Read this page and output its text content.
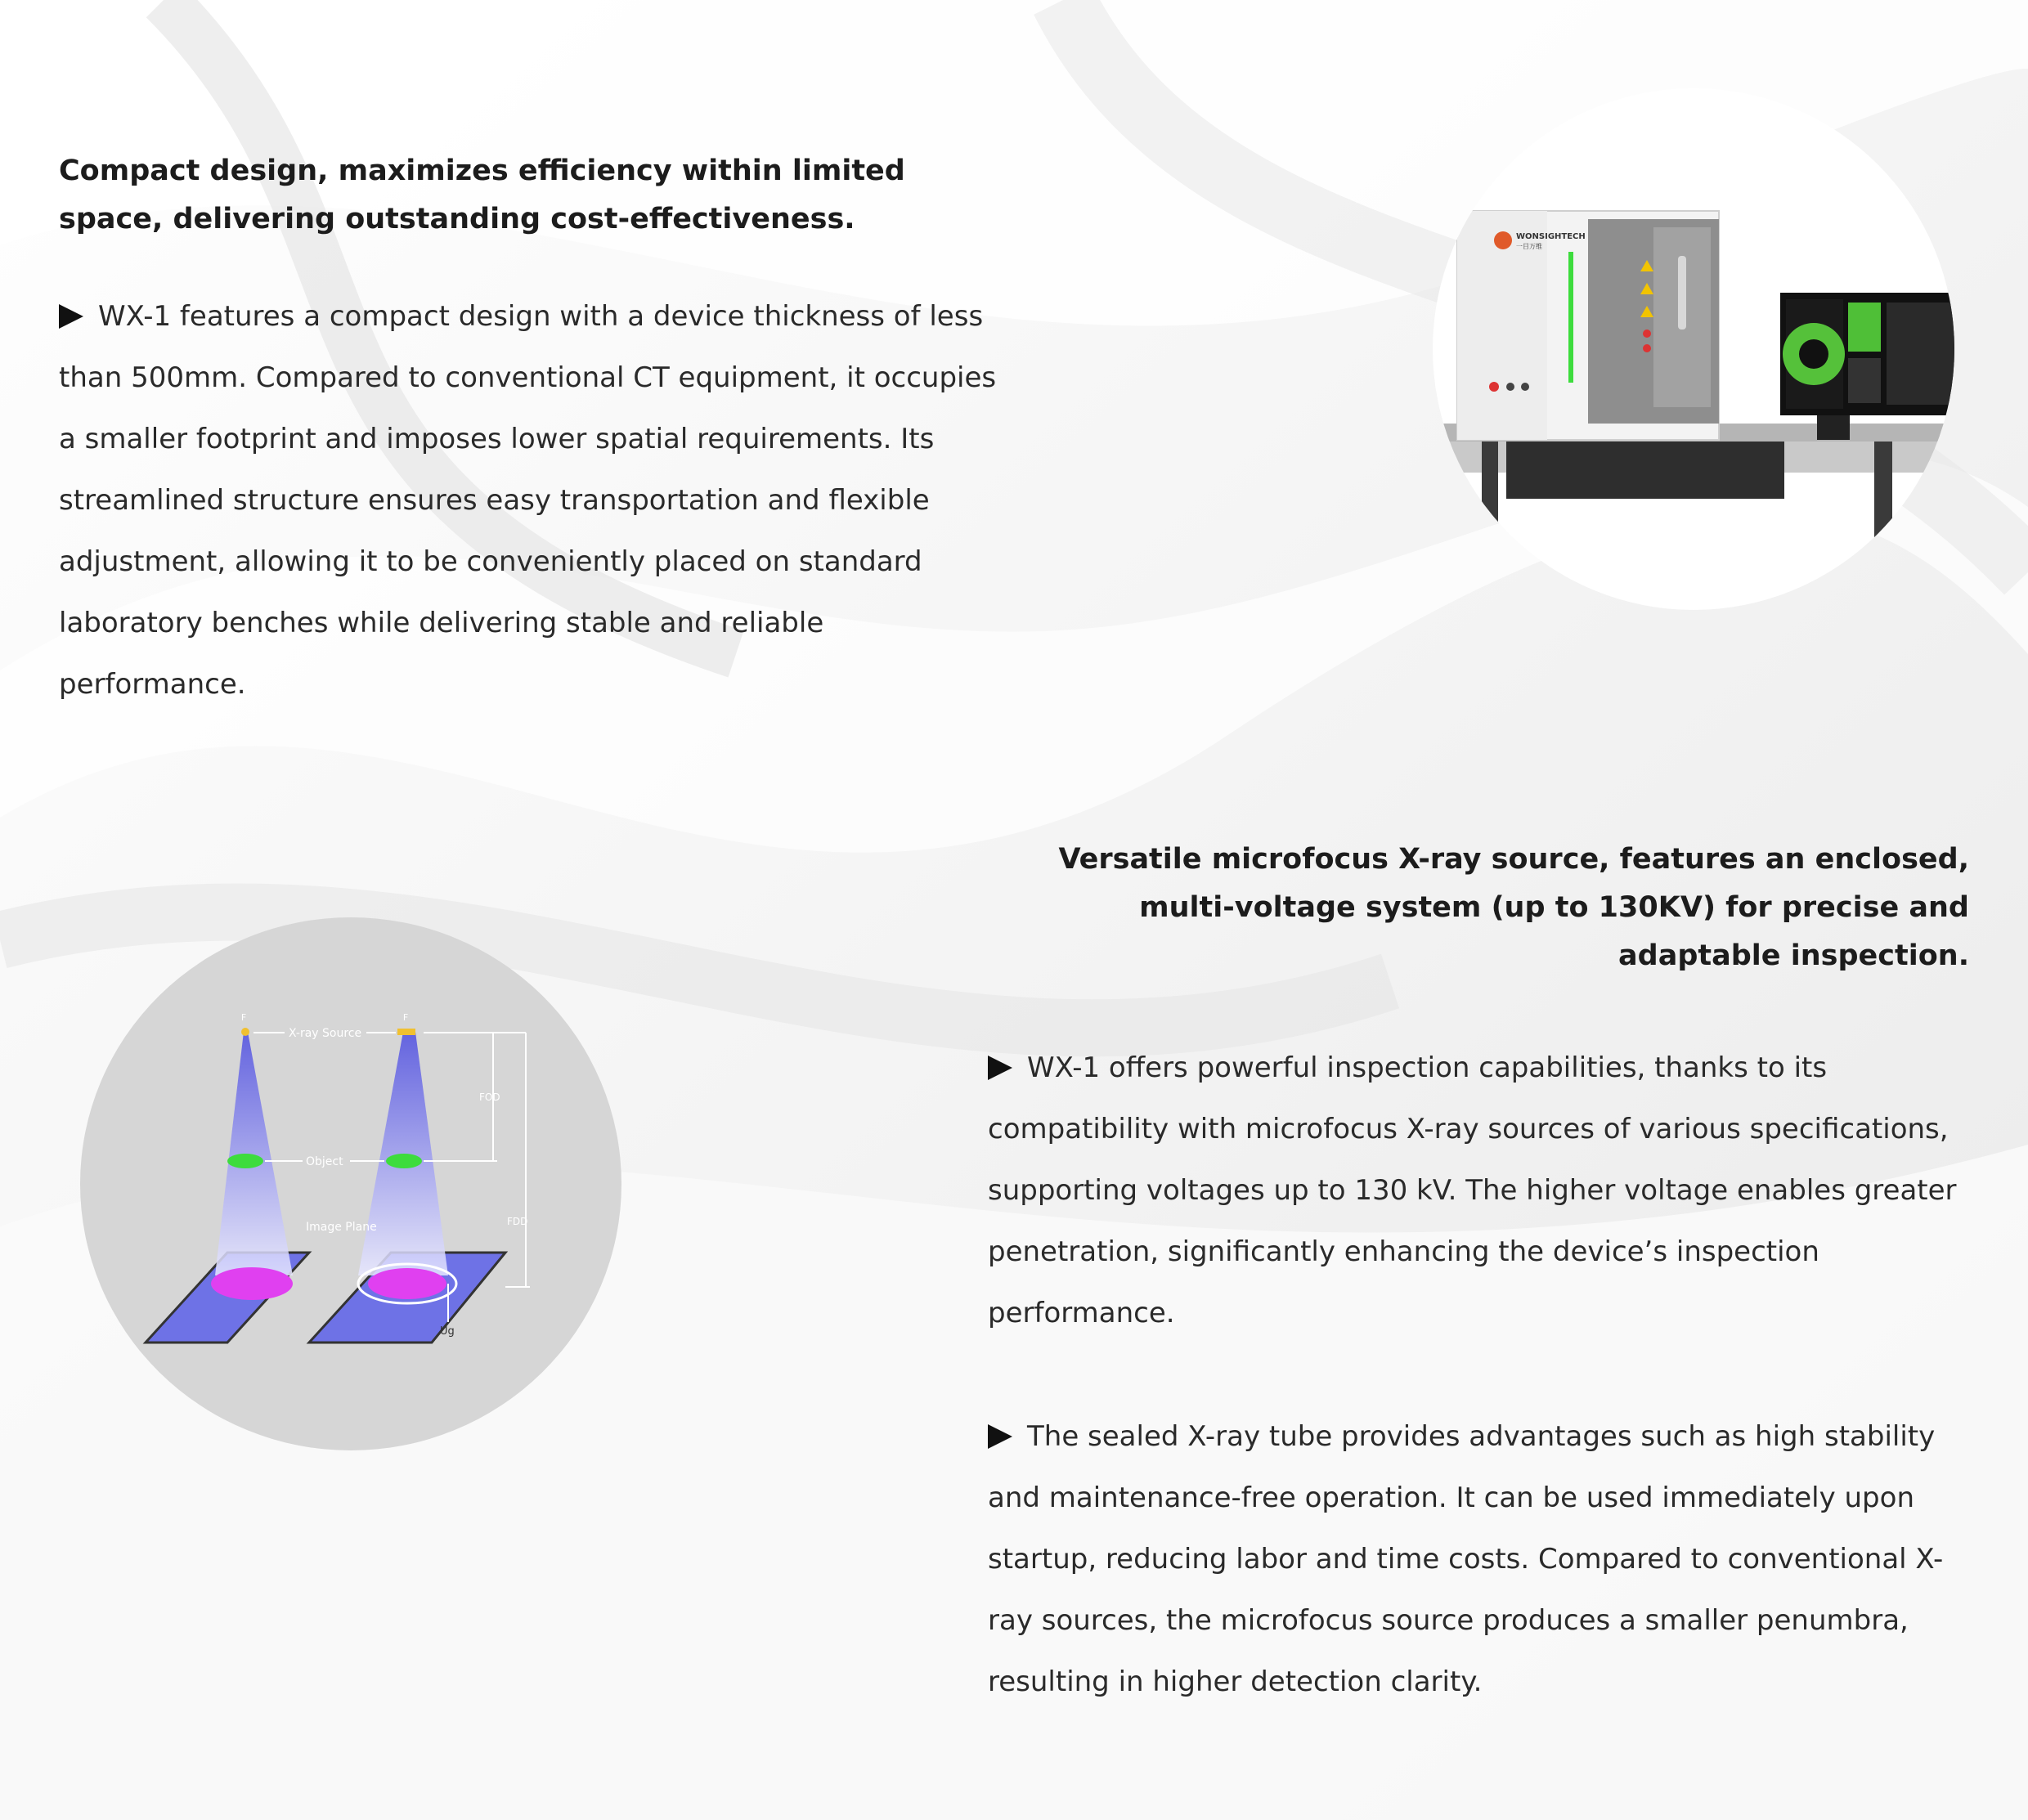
Compact design, maximizes efficiency within limited space, delivering outstanding cost-effectiveness.

WX-1 features a compact design with a device thickness of less than 500mm. Compared to conventional CT equipment, it occupies a smaller footprint and imposes lower spatial requirements. Its streamlined structure ensures easy transportation and flexible adjustment, allowing it to be conveniently placed on standard laboratory benches while delivering stable and reliable performance.

WONSIGHTECH
一目万维

Versatile microfocus X-ray source, features an enclosed, multi-voltage system (up to 130KV) for precise and adaptable inspection.

WX-1 offers powerful inspection capabilities, thanks to its compatibility with microfocus X-ray sources of various specifications, supporting voltages up to 130 kV. The higher voltage enables greater penetration, significantly enhancing the device’s inspection performance.

The sealed X-ray tube provides advantages such as high stability and maintenance-free operation. It can be used immediately upon startup, reducing labor and time costs. Compared to conventional X-ray sources, the microfocus source produces a smaller penumbra, resulting in higher detection clarity.

F	F
X-ray Source
Object
Image Plane
FOD
FDD
Ug
